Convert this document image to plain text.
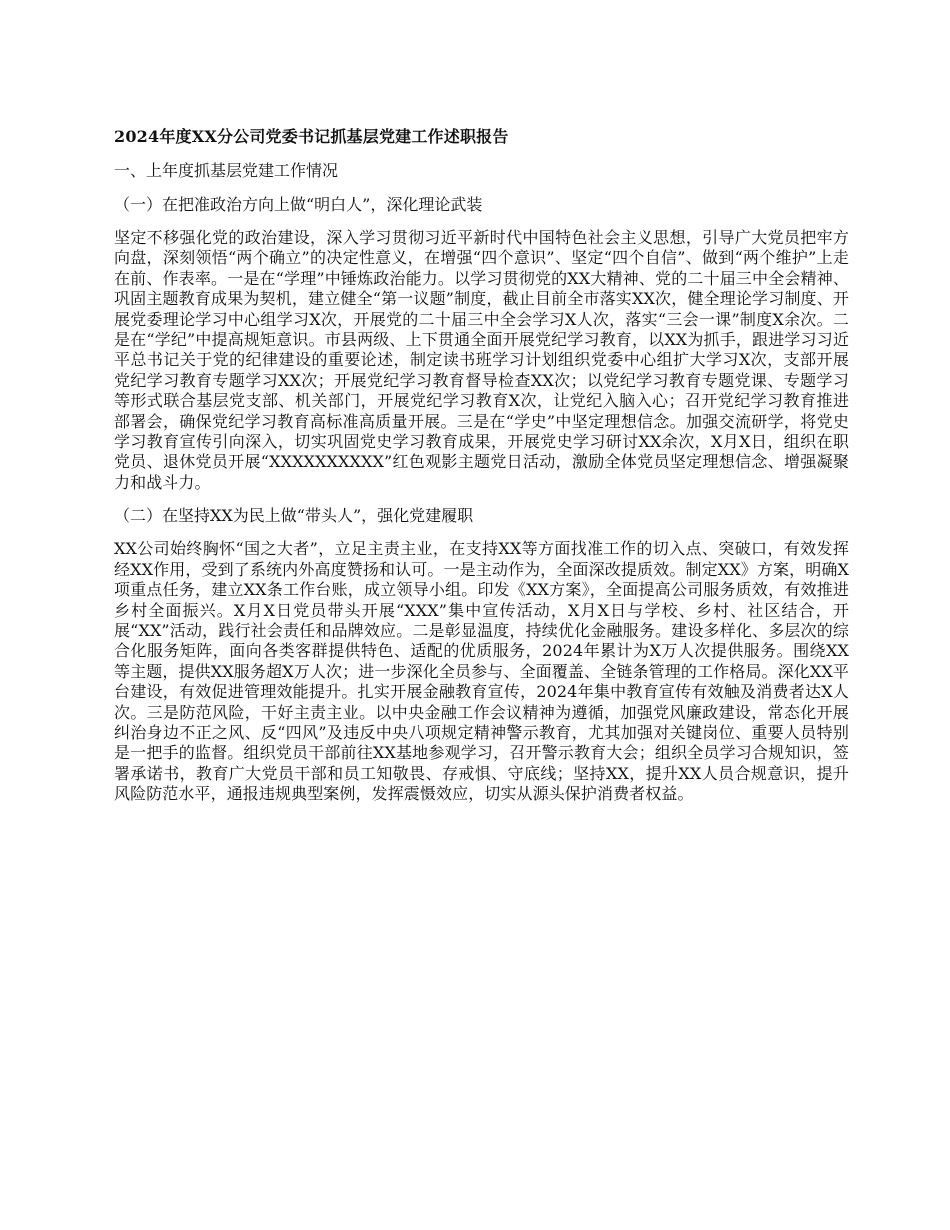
2024年度XX分公司党委书记抓基层党建工作述职报告
一、上年度抓基层党建工作情况
（一）在把准政治方向上做“明白人”，深化理论武装
坚定不移强化党的政治建设，深入学习贯彻习近平新时代中国特色社会主义思想，引导广大党员把牢方向盘，深刻领悟“两个确立”的决定性意义，在增强“四个意识”、坚定“四个自信”、做到“两个维护”上走在前、作表率。一是在“学理”中锤炼政治能力。以学习贯彻党的XX大精神、党的二十届三中全会精神、巩固主题教育成果为契机，建立健全“第一议题”制度，截止目前全市落实XX次，健全理论学习制度、开展党委理论学习中心组学习X次，开展党的二十届三中全会学习X人次，落实“三会一课”制度X余次。二是在“学纪”中提高规矩意识。市县两级、上下贯通全面开展党纪学习教育，以XX为抓手，跟进学习习近平总书记关于党的纪律建设的重要论述，制定读书班学习计划组织党委中心组扩大学习X次，支部开展党纪学习教育专题学习XX次；开展党纪学习教育督导检查XX次；以党纪学习教育专题党课、专题学习等形式联合基层党支部、机关部门，开展党纪学习教育X次，让党纪入脑入心；召开党纪学习教育推进部署会，确保党纪学习教育高标准高质量开展。三是在“学史”中坚定理想信念。加强交流研学，将党史学习教育宣传引向深入，切实巩固党史学习教育成果，开展党史学习研讨XX余次，X月X日，组织在职党员、退休党员开展“XXXXXXXXXX”红色观影主题党日活动，激励全体党员坚定理想信念、增强凝聚力和战斗力。
（二）在坚持XX为民上做“带头人”，强化党建履职
XX公司始终胸怀“国之大者”，立足主责主业，在支持XX等方面找准工作的切入点、突破口，有效发挥经XX作用，受到了系统内外高度赞扬和认可。一是主动作为，全面深改提质效。制定XX》方案，明确X项重点任务，建立XX条工作台账，成立领导小组。印发《XX方案》，全面提高公司服务质效，有效推进乡村全面振兴。X月X日党员带头开展“XXX”集中宣传活动，X月X日与学校、乡村、社区结合，开展“XX”活动，践行社会责任和品牌效应。二是彰显温度，持续优化金融服务。建设多样化、多层次的综合化服务矩阵，面向各类客群提供特色、适配的优质服务，2024年累计为X万人次提供服务。围绕XX等主题，提供XX服务超X万人次；进一步深化全员参与、全面覆盖、全链条管理的工作格局。深化XX平台建设，有效促进管理效能提升。扎实开展金融教育宣传，2024年集中教育宣传有效触及消费者达X人次。三是防范风险，干好主责主业。以中央金融工作会议精神为遵循，加强党风廉政建设，常态化开展纠治身边不正之风、反“四风”及违反中央八项规定精神警示教育，尤其加强对关键岗位、重要人员特别是一把手的监督。组织党员干部前往XX基地参观学习，召开警示教育大会；组织全员学习合规知识，签署承诺书，教育广大党员干部和员工知敬畏、存戒惧、守底线；坚持XX，提升XX人员合规意识，提升风险防范水平，通报违规典型案例，发挥震慑效应，切实从源头保护消费者权益。
